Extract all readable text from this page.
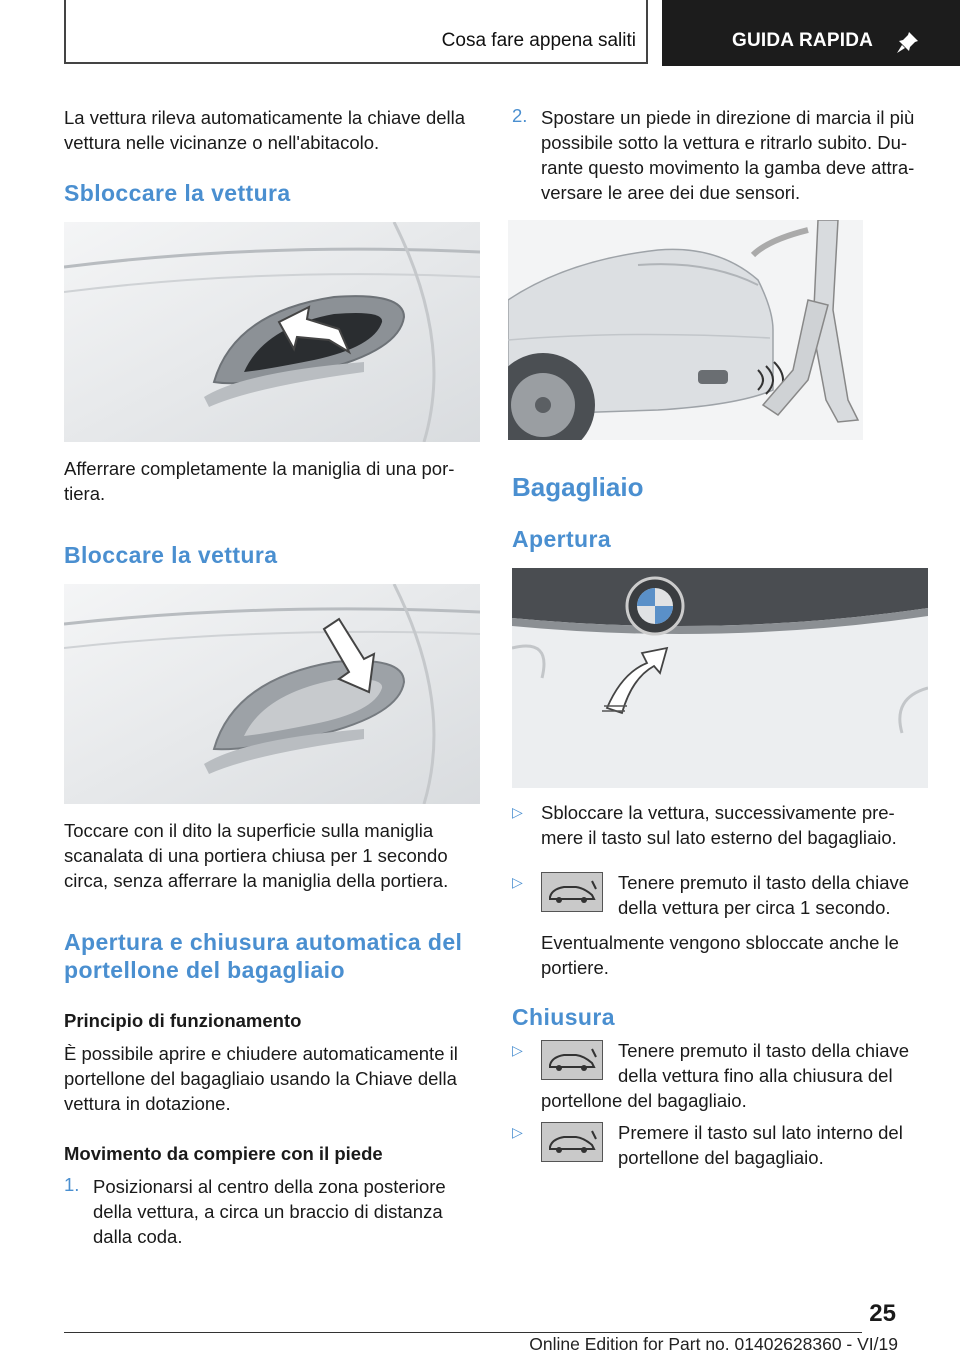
Cosa fare appena saliti	GUIDA RAPIDA

La vettura rileva automaticamente la chiave della

vettura nelle vicinanze o nell'abitacolo.

Sbloccare la vettura

Afferrare completamente la maniglia di una por-

tiera.

Bloccare la vettura

Toccare con il dito la superficie sulla maniglia

scanalata di una portiera chiusa per 1 secondo

circa, senza afferrare la maniglia della portiera.

Apertura e chiusura automatica del
portellone del bagagliaio
Principio di funzionamento

È possibile aprire e chiudere automaticamente il

portellone del bagagliaio usando la Chiave della

vettura in dotazione.

Movimento da compiere con il piede
1. Posizionarsi al centro della zona posteriore

della vettura, a circa un braccio di distanza

dalla coda.

2. Spostare un piede in direzione di marcia il più

possibile sotto la vettura e ritrarlo subito. Du-

rante questo movimento la gamba deve attra-

versare le aree dei due sensori.

Bagagliaio
Apertura
▷ Sbloccare la vettura, successivamente pre-

mere il tasto sul lato esterno del bagagliaio.

▷	Tenere premuto il tasto della chiave

della vettura per circa 1 secondo.

Eventualmente vengono sbloccate anche le

portiere.

Chiusura
▷	Tenere premuto il tasto della chiave

della vettura fino alla chiusura del

portellone del bagagliaio.

▷	Premere il tasto sul lato interno del

portellone del bagagliaio.

25
Online Edition for Part no. 01402628360 - VI/19
